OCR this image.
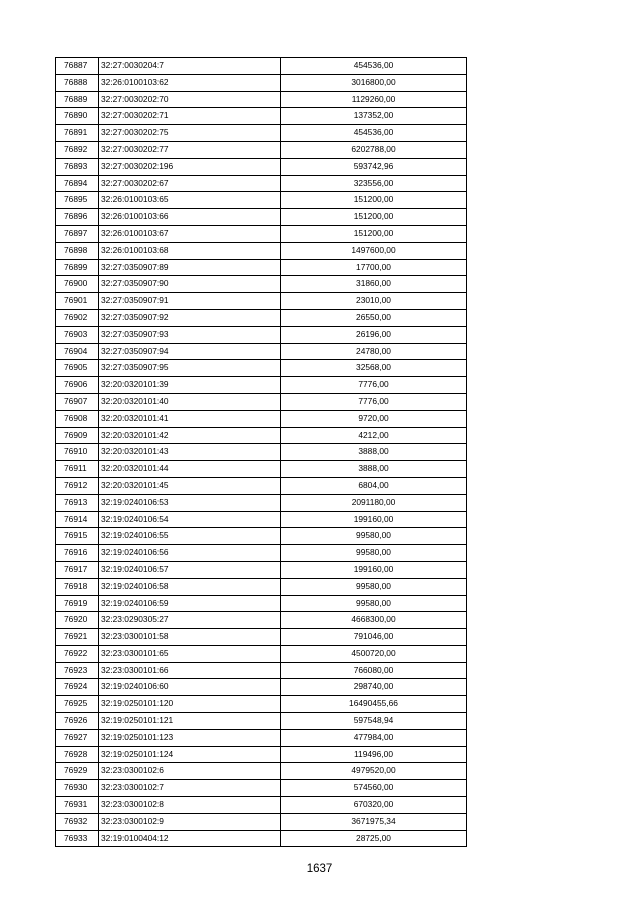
76887	32:27:0030204:7	454536,00
76888	32:26:0100103:62	3016800,00
76889	32:27:0030202:70	1129260,00
76890	32:27:0030202:71	137352,00
76891	32:27:0030202:75	454536,00
76892	32:27:0030202:77	6202788,00
76893	32:27:0030202:196	593742,96
76894	32:27:0030202:67	323556,00
76895	32:26:0100103:65	151200,00
76896	32:26:0100103:66	151200,00
76897	32:26:0100103:67	151200,00
76898	32:26:0100103:68	1497600,00
76899	32:27:0350907:89	17700,00
76900	32:27:0350907:90	31860,00
76901	32:27:0350907:91	23010,00
76902	32:27:0350907:92	26550,00
76903	32:27:0350907:93	26196,00
76904	32:27:0350907:94	24780,00
76905	32:27:0350907:95	32568,00
76906	32:20:0320101:39	7776,00
76907	32:20:0320101:40	7776,00
76908	32:20:0320101:41	9720,00
76909	32:20:0320101:42	4212,00
76910	32:20:0320101:43	3888,00
76911	32:20:0320101:44	3888,00
76912	32:20:0320101:45	6804,00
76913	32:19:0240106:53	2091180,00
76914	32:19:0240106:54	199160,00
76915	32:19:0240106:55	99580,00
76916	32:19:0240106:56	99580,00
76917	32:19:0240106:57	199160,00
76918	32:19:0240106:58	99580,00
76919	32:19:0240106:59	99580,00
76920	32:23:0290305:27	4668300,00
76921	32:23:0300101:58	791046,00
76922	32:23:0300101:65	4500720,00
76923	32:23:0300101:66	766080,00
76924	32:19:0240106:60	298740,00
76925	32:19:0250101:120	16490455,66
76926	32:19:0250101:121	597548,94
76927	32:19:0250101:123	477984,00
76928	32:19:0250101:124	119496,00
76929	32:23:0300102:6	4979520,00
76930	32:23:0300102:7	574560,00
76931	32:23:0300102:8	670320,00
76932	32:23:0300102:9	3671975,34
76933	32:19:0100404:12	28725,00
1637
